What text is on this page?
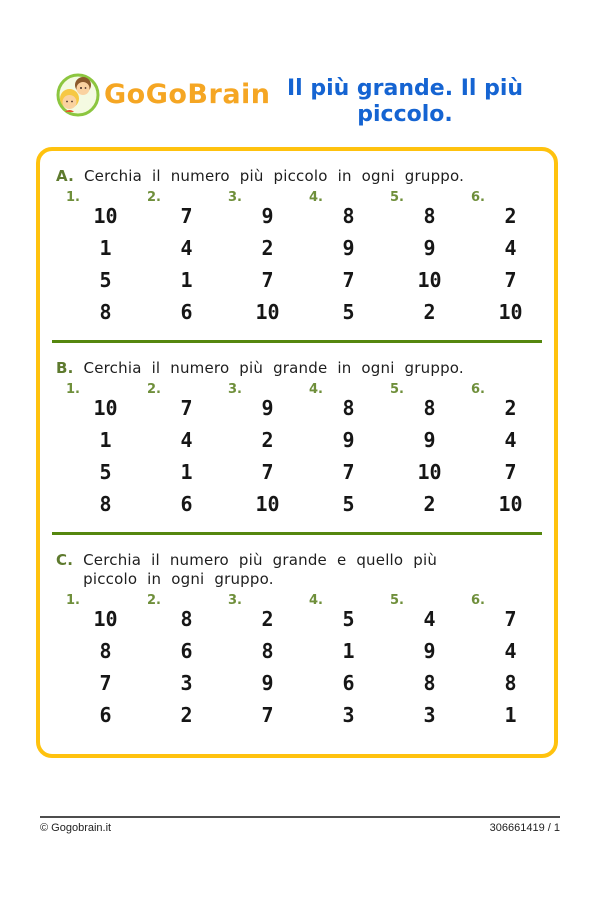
GoGoBrain Il più grande. Il più piccolo.

A. Cerchia il numero più piccolo in ogni gruppo.

1.
10
1
5
8
2.
7
4
1
6
3.
9
2
7
10
4.
8
9
7
5
5.
8
9
10
2
6.
2
4
7
10

B. Cerchia il numero più grande in ogni gruppo.

1.
10
1
5
8
2.
7
4
1
6
3.
9
2
7
10
4.
8
9
7
5
5.
8
9
10
2
6.
2
4
7
10

C. Cerchia il numero più grande e quello più piccolo in ogni gruppo.

1.
10
8
7
6
2.
8
6
3
2
3.
2
8
9
7
4.
5
1
6
3
5.
4
9
8
3
6.
7
4
8
1
© Gogobrain.it	306661419 / 1
